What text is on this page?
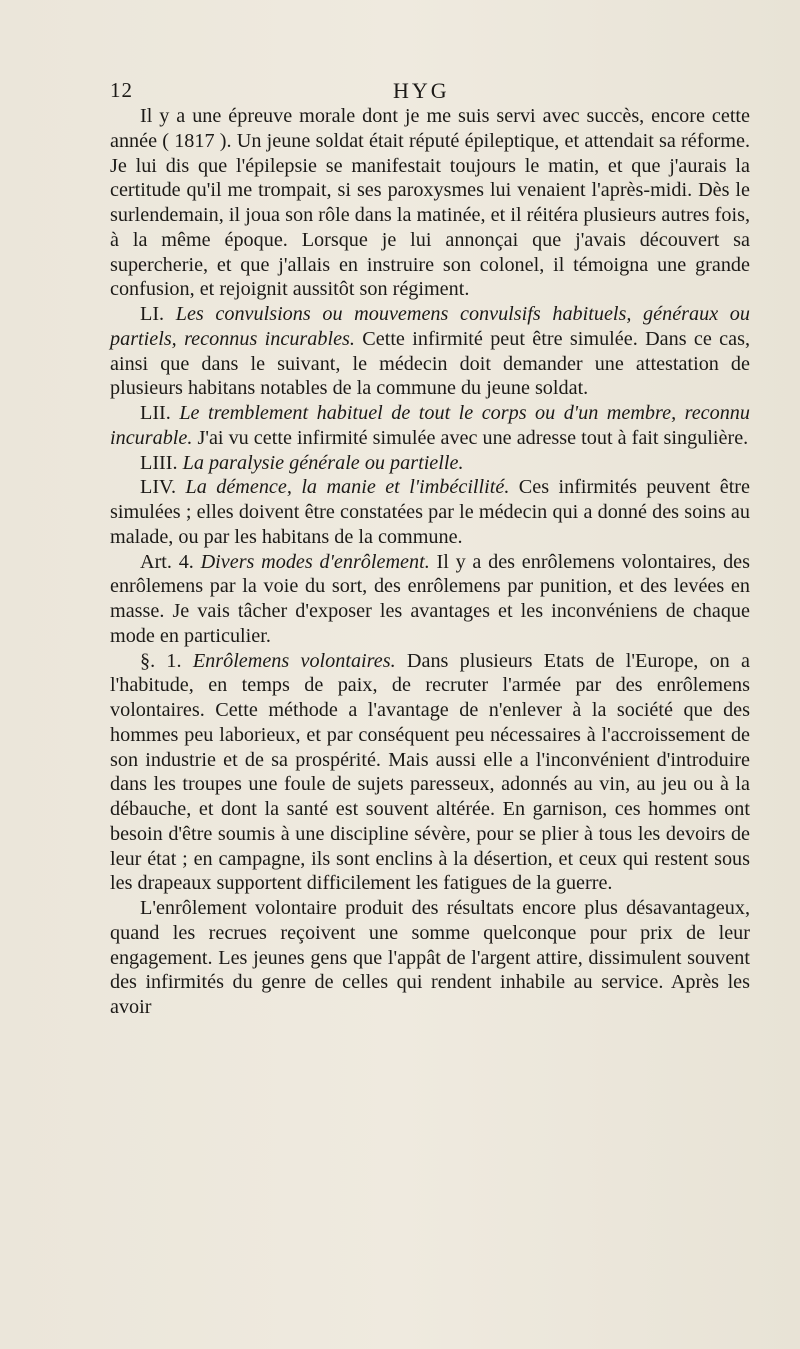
12	HYG

Il y a une épreuve morale dont je me suis servi avec succès, encore cette année ( 1817 ). Un jeune soldat était réputé épileptique, et attendait sa réforme. Je lui dis que l'épilepsie se manifestait toujours le matin, et que j'aurais la certitude qu'il me trompait, si ses paroxysmes lui venaient l'après-midi. Dès le surlendemain, il joua son rôle dans la matinée, et il réitéra plusieurs autres fois, à la même époque. Lorsque je lui annonçai que j'avais découvert sa supercherie, et que j'allais en instruire son colonel, il témoigna une grande confusion, et rejoignit aussitôt son régiment.

LI. Les convulsions ou mouvemens convulsifs habituels, généraux ou partiels, reconnus incurables. Cette infirmité peut être simulée. Dans ce cas, ainsi que dans le suivant, le médecin doit demander une attestation de plusieurs habitans notables de la commune du jeune soldat.

LII. Le tremblement habituel de tout le corps ou d'un membre, reconnu incurable. J'ai vu cette infirmité simulée avec une adresse tout à fait singulière.

LIII. La paralysie générale ou partielle.

LIV. La démence, la manie et l'imbécillité. Ces infirmités peuvent être simulées ; elles doivent être constatées par le médecin qui a donné des soins au malade, ou par les habitans de la commune.

Art. 4. Divers modes d'enrôlement. Il y a des enrôlemens volontaires, des enrôlemens par la voie du sort, des enrôlemens par punition, et des levées en masse. Je vais tâcher d'exposer les avantages et les inconvéniens de chaque mode en particulier.

§. 1. Enrôlemens volontaires. Dans plusieurs Etats de l'Europe, on a l'habitude, en temps de paix, de recruter l'armée par des enrôlemens volontaires. Cette méthode a l'avantage de n'enlever à la société que des hommes peu laborieux, et par conséquent peu nécessaires à l'accroissement de son industrie et de sa prospérité. Mais aussi elle a l'inconvénient d'introduire dans les troupes une foule de sujets paresseux, adonnés au vin, au jeu ou à la débauche, et dont la santé est souvent altérée. En garnison, ces hommes ont besoin d'être soumis à une discipline sévère, pour se plier à tous les devoirs de leur état ; en campagne, ils sont enclins à la désertion, et ceux qui restent sous les drapeaux supportent difficilement les fatigues de la guerre.

L'enrôlement volontaire produit des résultats encore plus désavantageux, quand les recrues reçoivent une somme quelconque pour prix de leur engagement. Les jeunes gens que l'appât de l'argent attire, dissimulent souvent des infirmités du genre de celles qui rendent inhabile au service. Après les avoir
